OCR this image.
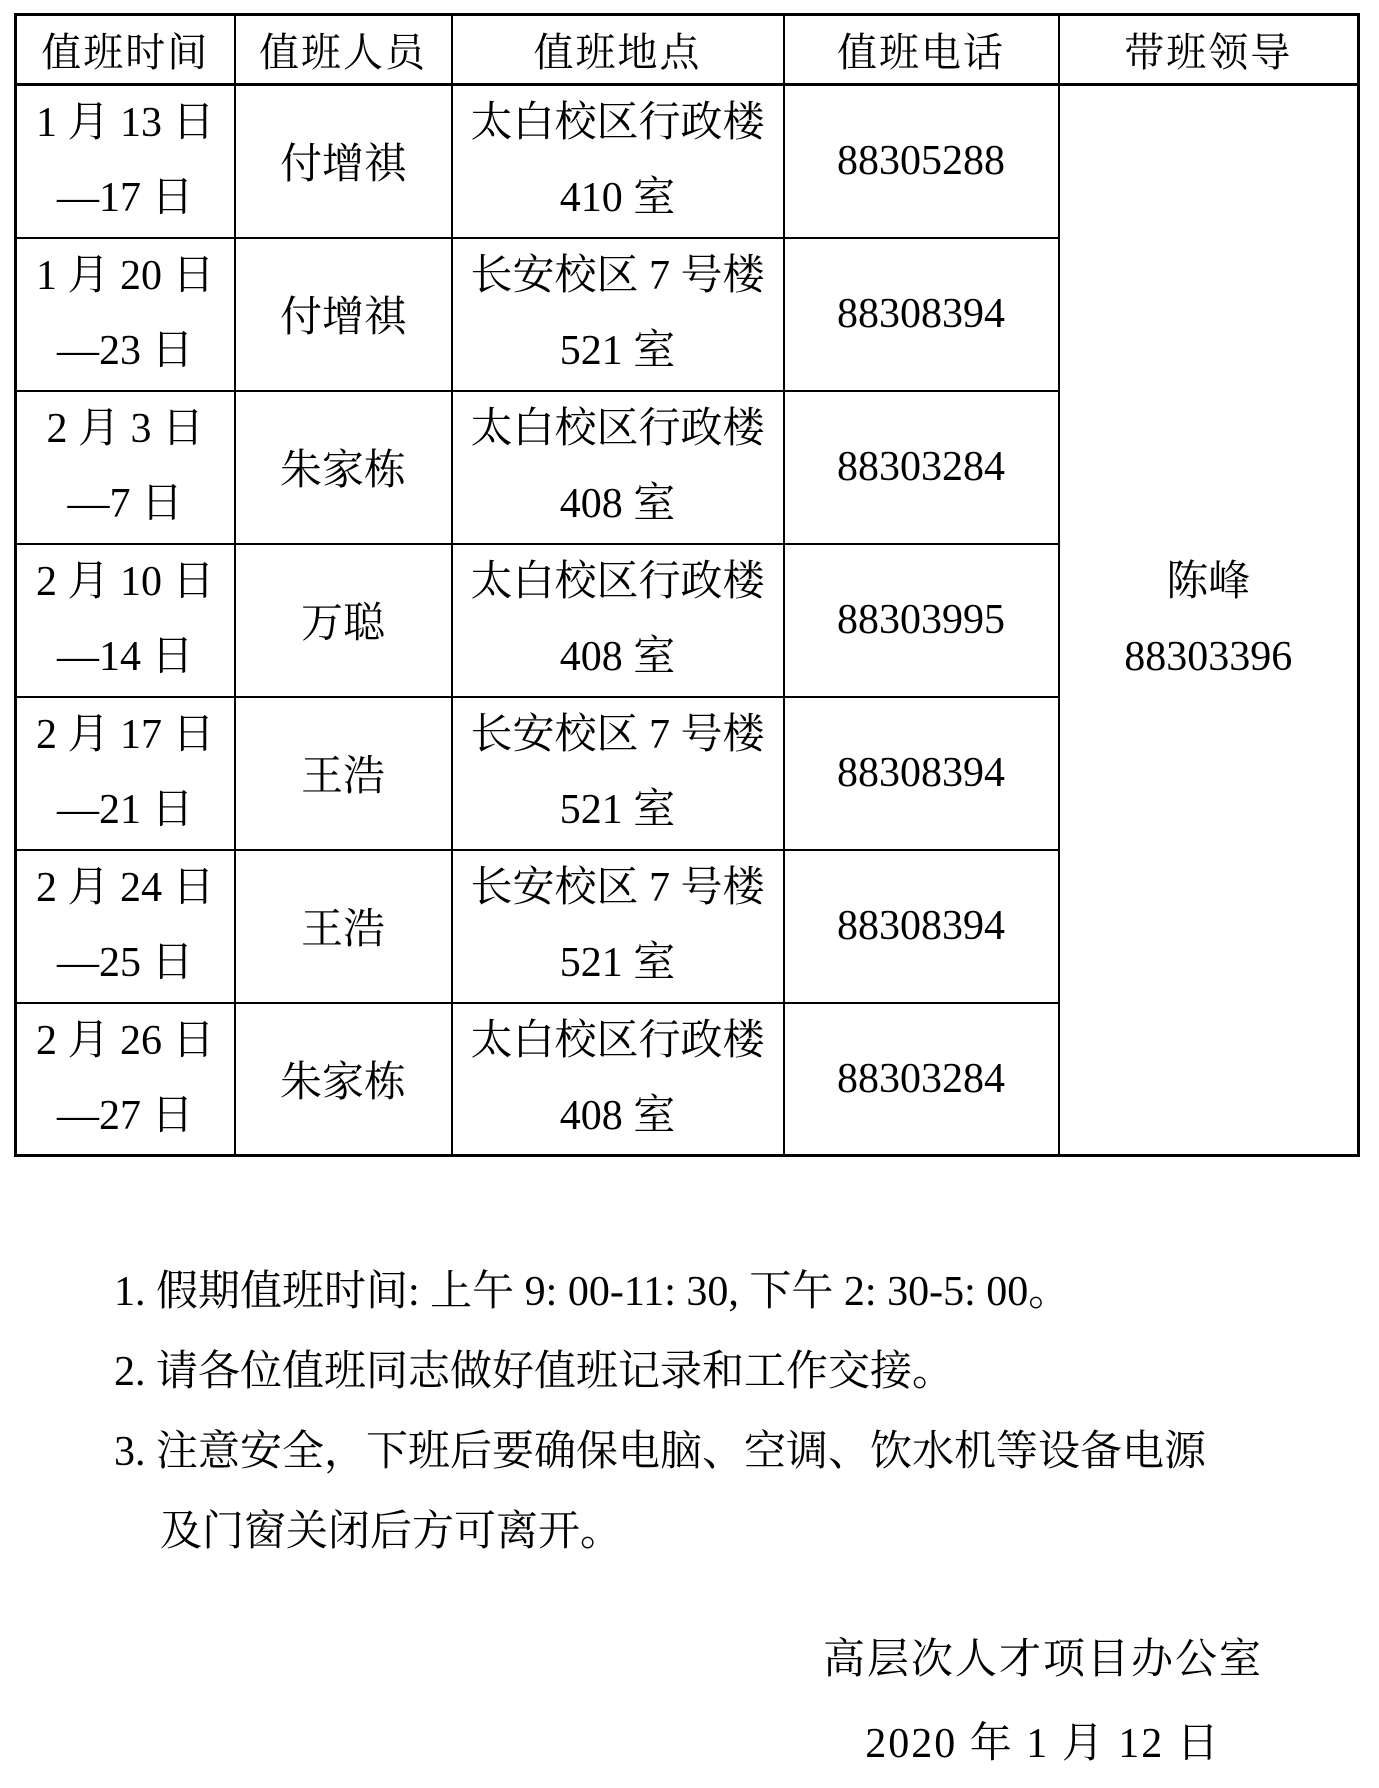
值班时间	值班人员	值班地点	值班电话	带班领导

1 月 13 日
—17 日
	付增祺	
太白校区行政楼
410 室
	88305288	
陈峰
88303396

1 月 20 日
—23 日
	付增祺	
长安校区 7 号楼
521 室
	88308394

2 月 3 日
—7 日
	朱家栋	
太白校区行政楼
408 室
	88303284

2 月 10 日
—14 日
	万聪	
太白校区行政楼
408 室
	88303995

2 月 17 日
—21 日
	王浩	
长安校区 7 号楼
521 室
	88308394

2 月 24 日
—25 日
	王浩	
长安校区 7 号楼
521 室
	88308394

2 月 26 日
—27 日
	朱家栋	
太白校区行政楼
408 室
	88303284
1. 假期值班时间: 上午 9: 00-11: 30, 下午 2: 30-5: 00。
2. 请各位值班同志做好值班记录和工作交接。
3. 注意安全，下班后要确保电脑、空调、饮水机等设备电源
及门窗关闭后方可离开。
高层次人才项目办公室
2020 年 1 月 12 日
